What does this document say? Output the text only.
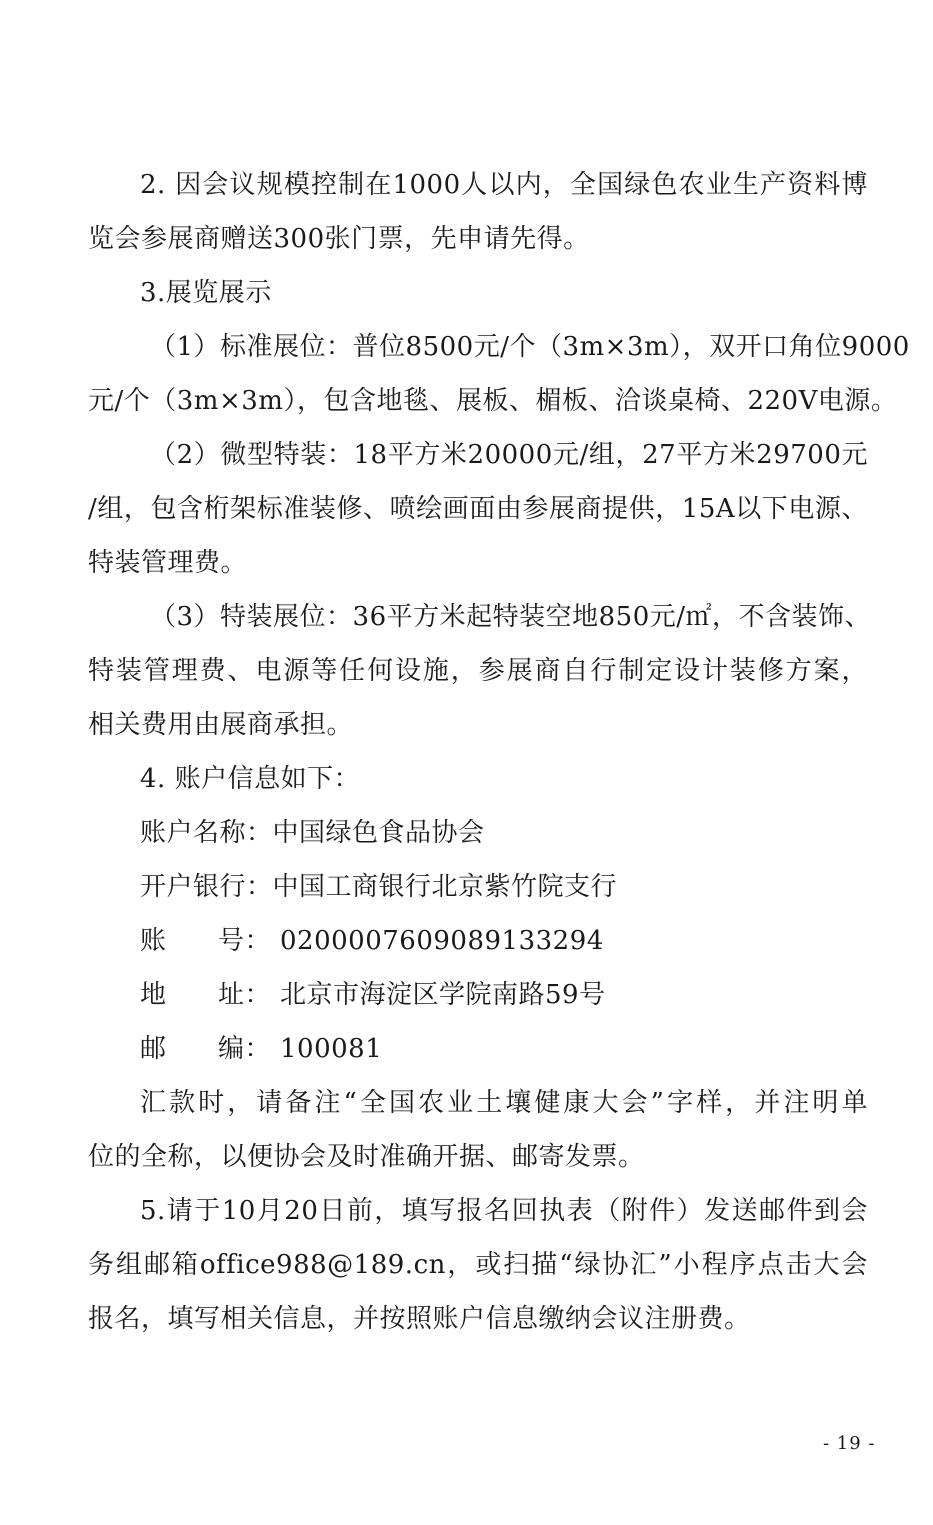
2. 因会议规模控制在1000人以内，全国绿色农业生产资料博
览会参展商赠送300张门票，先申请先得。
3.展览展示
（1）标准展位：普位8500元/个（3m×3m），双开口角位9000
元/个（3m×3m），包含地毯、展板、楣板、洽谈桌椅、220V电源。
（2）微型特装：18平方米20000元/组，27平方米29700元
/组，包含桁架标准装修、喷绘画面由参展商提供，15A以下电源、
特装管理费。
（3）特装展位：36平方米起特装空地850元/㎡，不含装饰、
特装管理费、电源等任何设施，参展商自行制定设计装修方案，
相关费用由展商承担。
4. 账户信息如下：
账户名称：中国绿色食品协会
开户银行：中国工商银行北京紫竹院支行
账 号： 0200007609089133294
地 址： 北京市海淀区学院南路59号
邮 编： 100081
汇款时，请备注“全国农业土壤健康大会”字样，并注明单
位的全称，以便协会及时准确开据、邮寄发票。
5.请于10月20日前，填写报名回执表（附件）发送邮件到会
务组邮箱office988@189.cn，或扫描“绿协汇”小程序点击大会
报名，填写相关信息，并按照账户信息缴纳会议注册费。
- 19 -
